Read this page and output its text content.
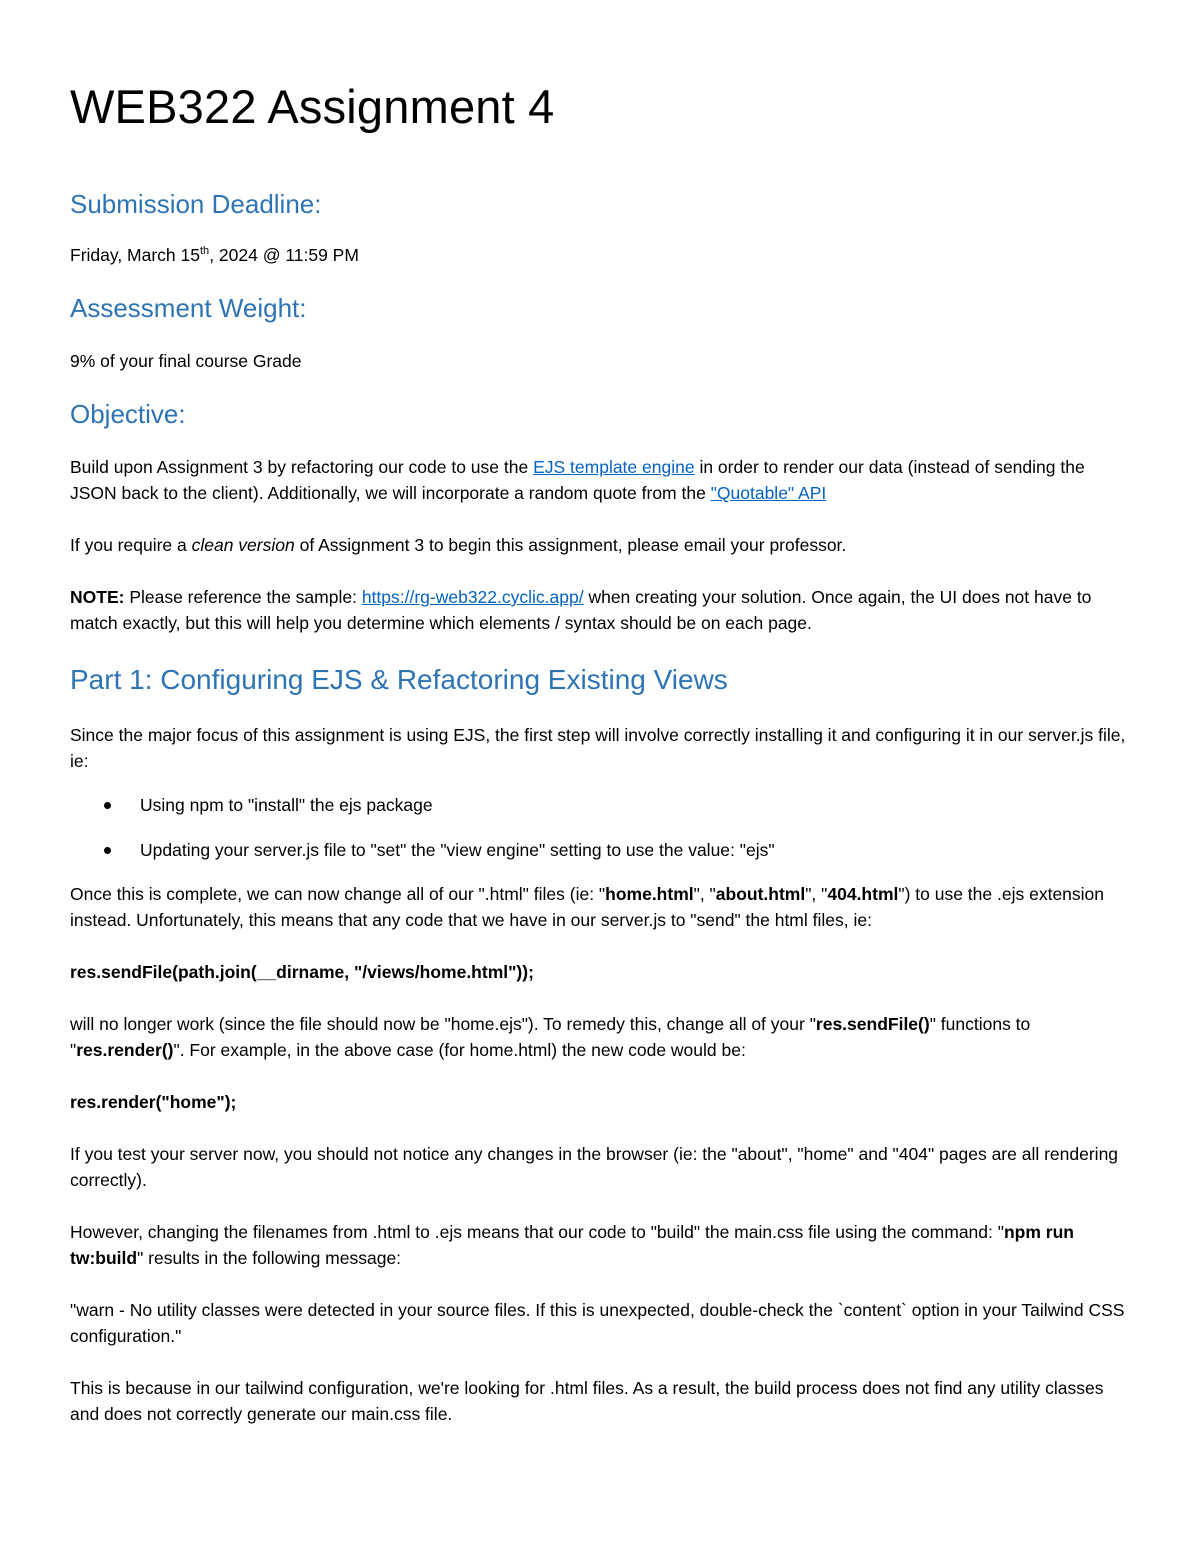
WEB322 Assignment 4
Submission Deadline:

Friday, March 15th, 2024 @ 11:59 PM

Assessment Weight:

9% of your final course Grade

Objective:

Build upon Assignment 3 by refactoring our code to use the EJS template engine in order to render our data (instead of sending the JSON back to the client). Additionally, we will incorporate a random quote from the "Quotable" API

If you require a clean version of Assignment 3 to begin this assignment, please email your professor.

NOTE: Please reference the sample: https://rg-web322.cyclic.app/ when creating your solution. Once again, the UI does not have to match exactly, but this will help you determine which elements / syntax should be on each page.

Part 1: Configuring EJS & Refactoring Existing Views

Since the major focus of this assignment is using EJS, the first step will involve correctly installing it and configuring it in our server.js file, ie:

Using npm to "install" the ejs package
Updating your server.js file to "set" the "view engine" setting to use the value: "ejs"

Once this is complete, we can now change all of our ".html" files (ie: "home.html", "about.html", "404.html") to use the .ejs extension instead. Unfortunately, this means that any code that we have in our server.js to "send" the html files, ie:

res.sendFile(path.join(__dirname, "/views/home.html"));

will no longer work (since the file should now be "home.ejs"). To remedy this, change all of your "res.sendFile()" functions to "res.render()". For example, in the above case (for home.html) the new code would be:

res.render("home");

If you test your server now, you should not notice any changes in the browser (ie: the "about", "home" and "404" pages are all rendering correctly).

However, changing the filenames from .html to .ejs means that our code to "build" the main.css file using the command: "npm run tw:build" results in the following message:

"warn - No utility classes were detected in your source files. If this is unexpected, double-check the `content` option in your Tailwind CSS configuration."

This is because in our tailwind configuration, we're looking for .html files. As a result, the build process does not find any utility classes and does not correctly generate our main.css file.
